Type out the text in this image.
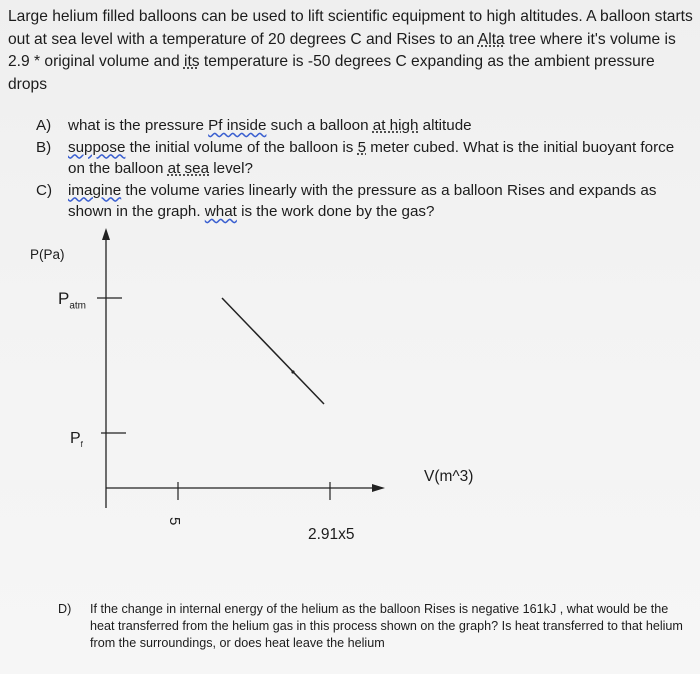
Large helium filled balloons can be used to lift scientific equipment to high altitudes. A balloon starts out at sea level with a temperature of 20 degrees C and Rises to an Alta tree where it's volume is 2.9 * original volume and its temperature is -50 degrees C expanding as the ambient pressure drops
A) what is the pressure Pf inside such a balloon at high altitude
B) suppose the initial volume of the balloon is 5 meter cubed. What is the initial buoyant force on the balloon at sea level?
C) imagine the volume varies linearly with the pressure as a balloon Rises and expands as shown in the graph. what is the work done by the gas?
P(Pa)
$P_{atm}$
$P_f$
V(m^3)
5
2.91x5
D) If the change in internal energy of the helium as the balloon Rises is negative 161kJ , what would be the heat transferred from the helium gas in this process shown on the graph? Is heat transferred to that helium from the surroundings, or does heat leave the helium
